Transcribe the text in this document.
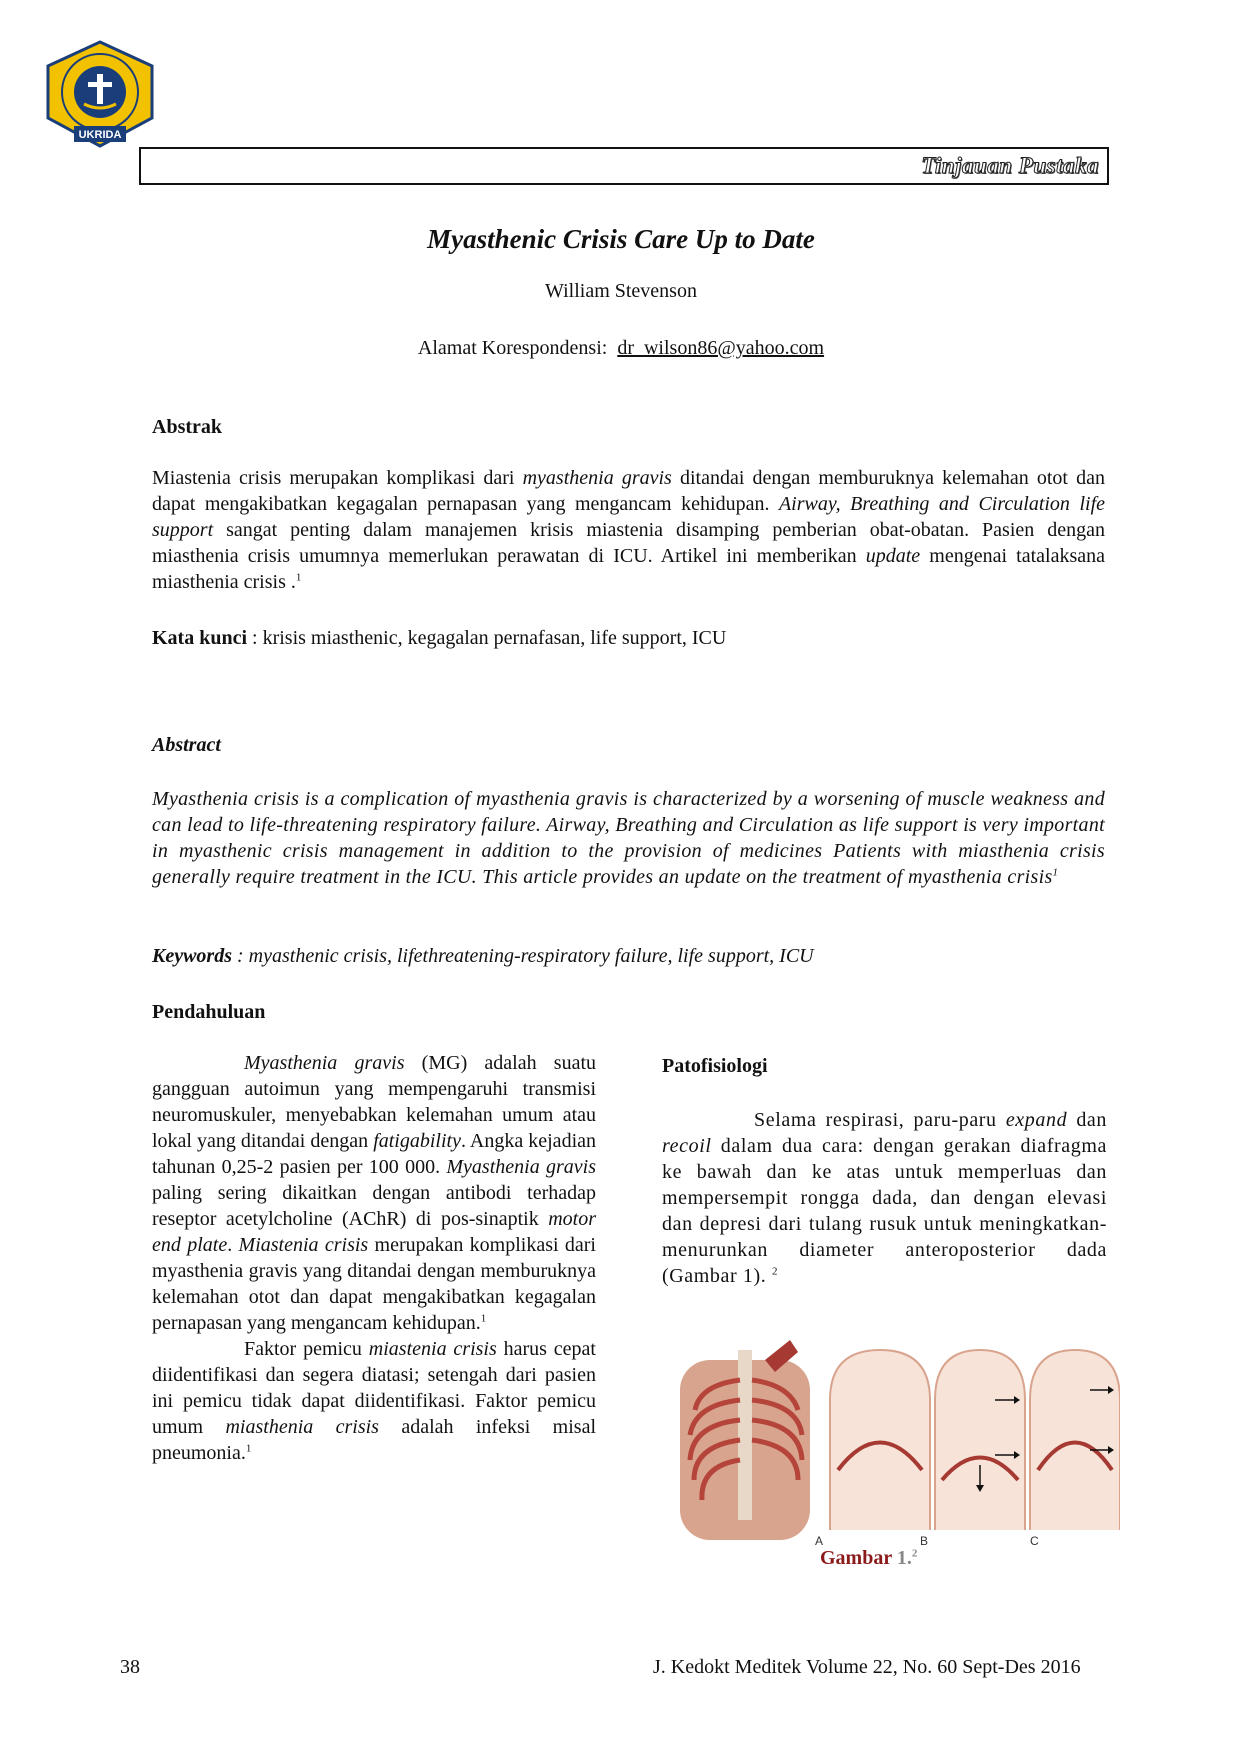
UKRIDA
Tinjauan Pustaka
Myasthenic Crisis Care Up to Date
William Stevenson
Alamat Korespondensi: dr_wilson86@yahoo.com
Abstrak
Miastenia crisis merupakan komplikasi dari myasthenia gravis ditandai dengan memburuknya kelemahan otot dan dapat mengakibatkan kegagalan pernapasan yang mengancam kehidupan. Airway, Breathing and Circulation life support sangat penting dalam manajemen krisis miastenia disamping pemberian obat-obatan. Pasien dengan miasthenia crisis umumnya memerlukan perawatan di ICU. Artikel ini memberikan update mengenai tatalaksana miasthenia crisis .$^1$
Kata kunci : krisis miasthenic, kegagalan pernafasan, life support, ICU
Abstract
Myasthenia crisis is a complication of myasthenia gravis is characterized by a worsening of muscle weakness and can lead to life-threatening respiratory failure. Airway, Breathing and Circulation as life support is very important in myasthenic crisis management in addition to the provision of medicines Patients with miasthenia crisis generally require treatment in the ICU. This article provides an update on the treatment of myasthenia crisis$^1$
Keywords : myasthenic crisis, lifethreatening-respiratory failure, life support, ICU
Pendahuluan
Myasthenia gravis (MG) adalah suatu gangguan autoimun yang mempengaruhi transmisi neuromuskuler, menyebabkan kelemahan umum atau lokal yang ditandai dengan fatigability. Angka kejadian tahunan 0,25-2 pasien per 100 000. Myasthenia gravis paling sering dikaitkan dengan antibodi terhadap reseptor acetylcholine (AChR) di pos-sinaptik motor end plate. Miastenia crisis merupakan komplikasi dari myasthenia gravis yang ditandai dengan memburuknya kelemahan otot dan dapat mengakibatkan kegagalan pernapasan yang mengancam kehidupan.$^1$
Faktor pemicu miastenia crisis harus cepat diidentifikasi dan segera diatasi; setengah dari pasien ini pemicu tidak dapat diidentifikasi. Faktor pemicu umum miasthenia crisis adalah infeksi misal pneumonia.$^1$
Patofisiologi
Selama respirasi, paru-paru expand dan recoil dalam dua cara: dengan gerakan diafragma ke bawah dan ke atas untuk memperluas dan mempersempit rongga dada, dan dengan elevasi dan depresi dari tulang rusuk untuk meningkatkan-menurunkan diameter anteroposterior dada (Gambar 1). $^2$
A	B	C
Gambar 1.$^2$
38	J. Kedokt Meditek Volume 22, No. 60 Sept-Des 2016
